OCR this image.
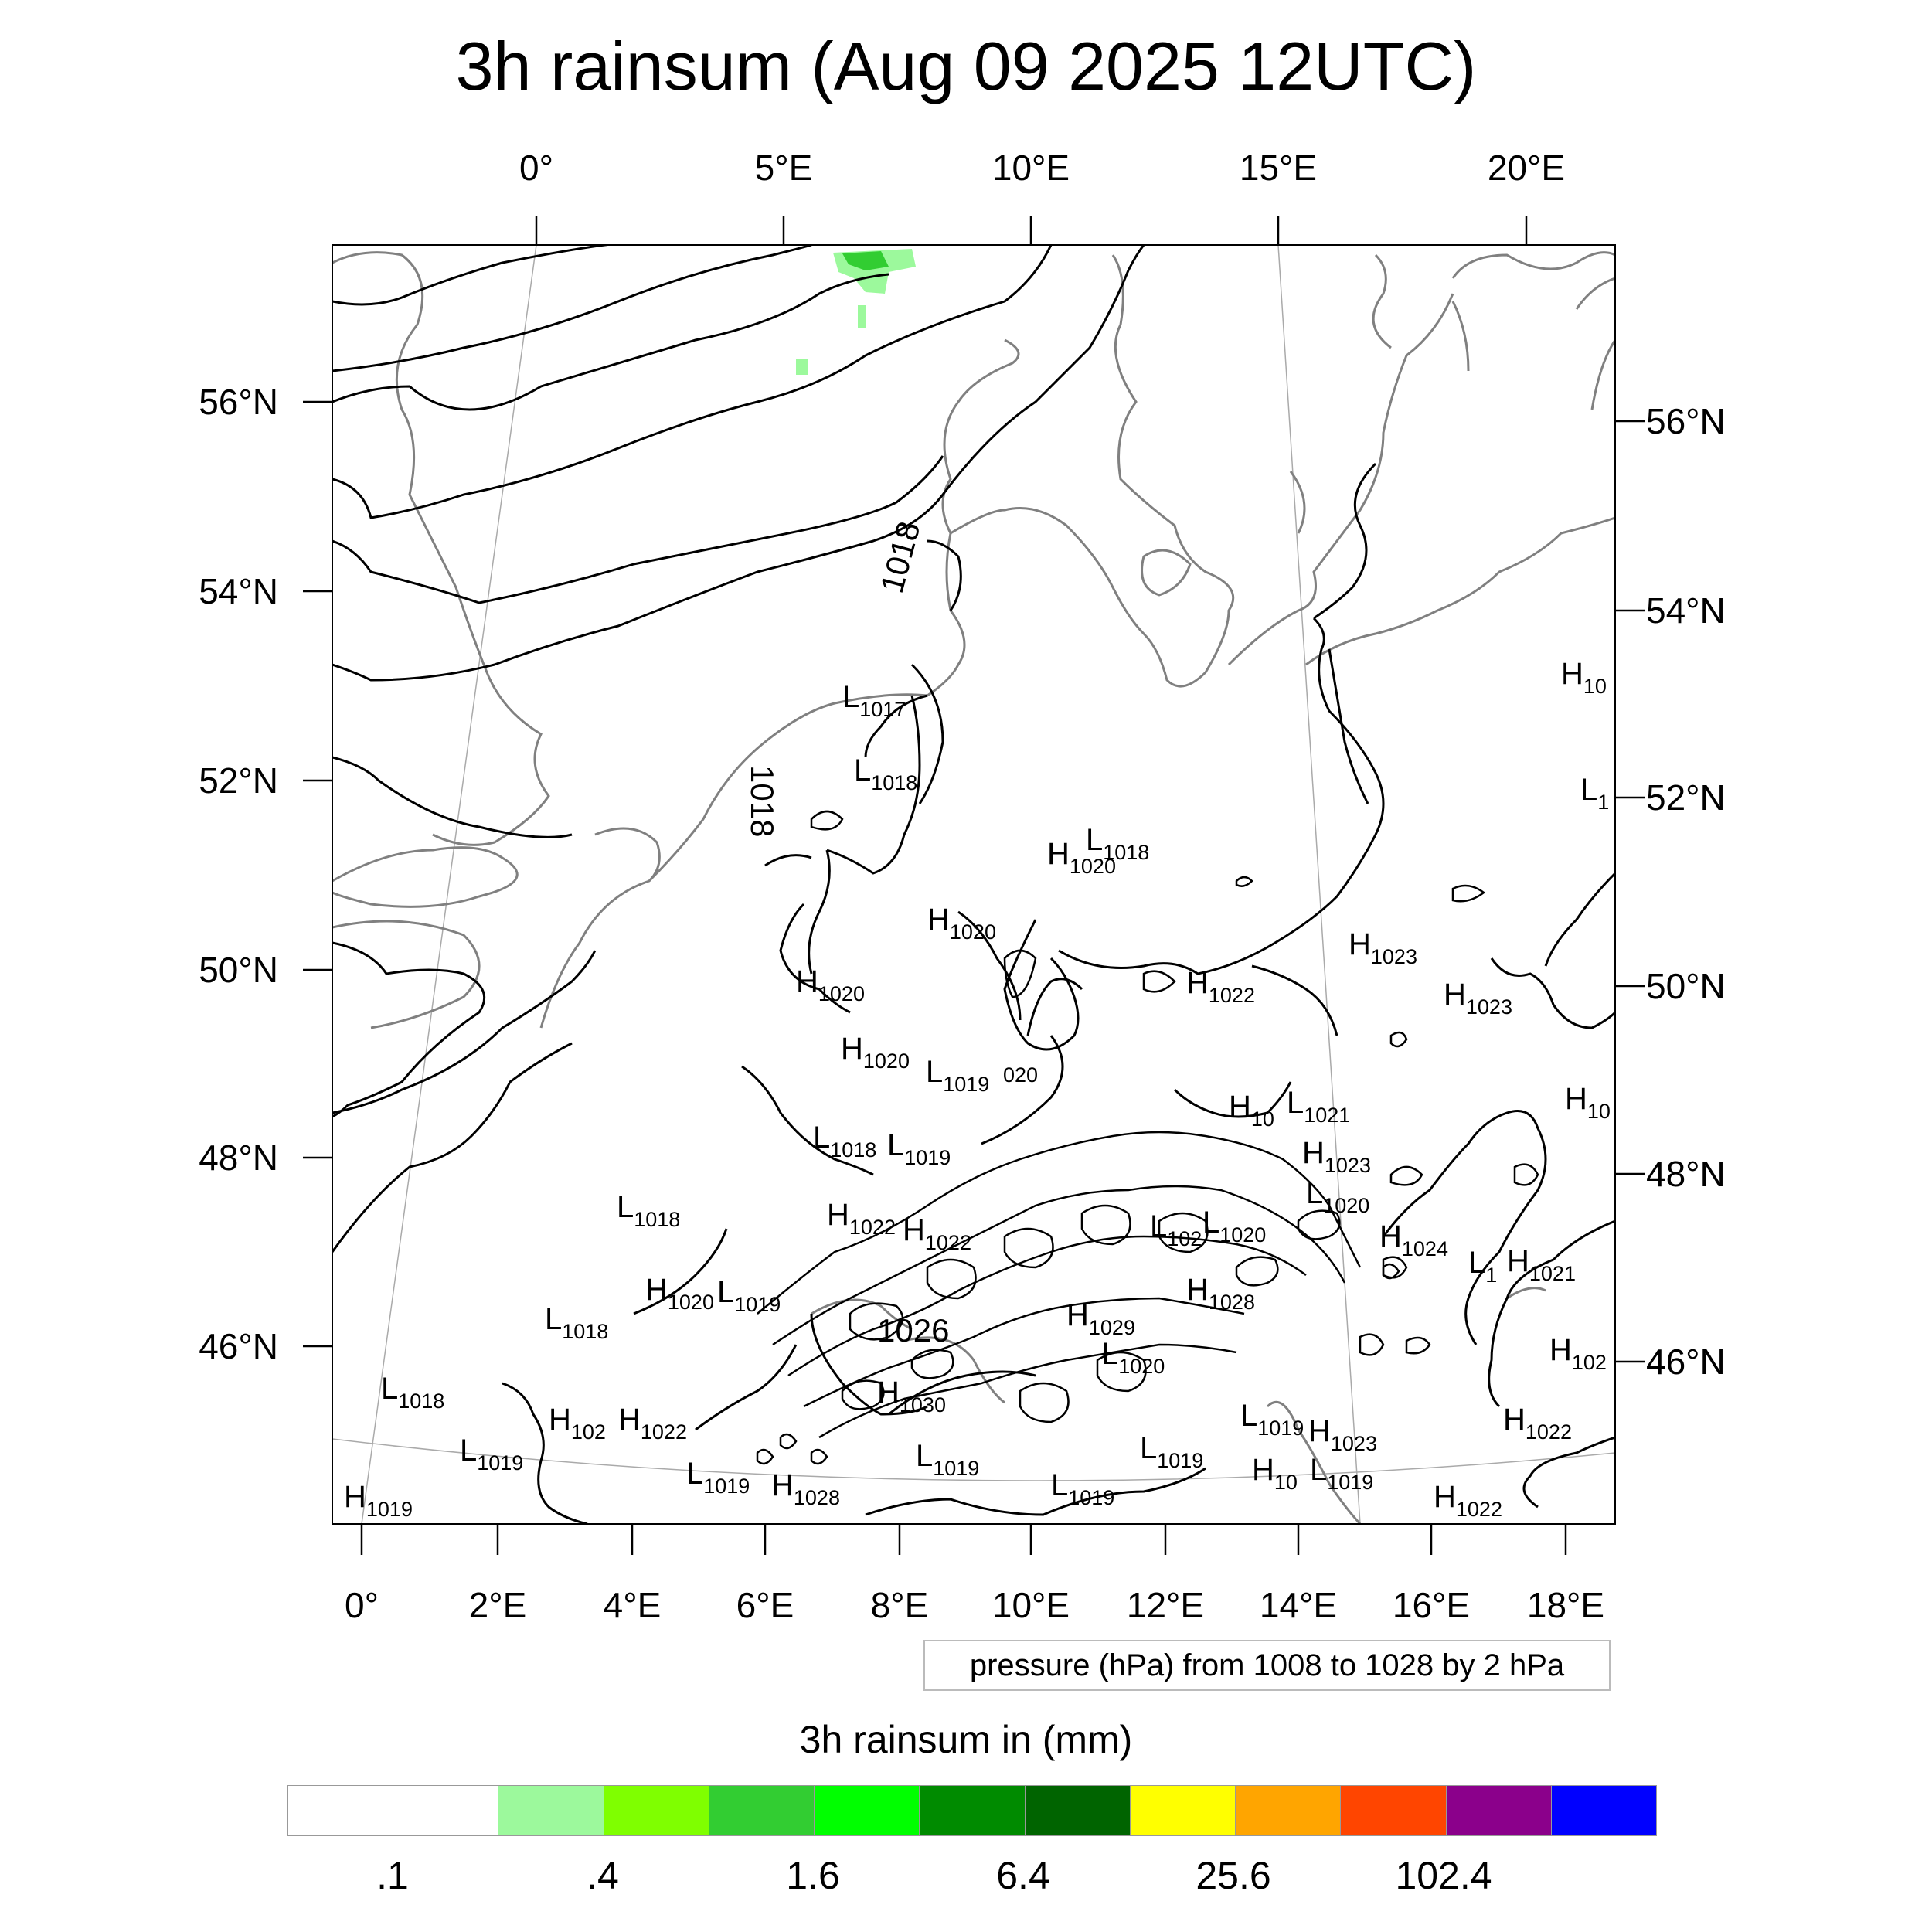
3h rainsum (Aug 09 2025 12UTC)
0°	5°E	10°E	15°E	20°E
0°	2°E 4°E 6°E 8°E 10°E 12°E 14°E 16°E 18°E
56°N
54°N
52°N
50°N
48°N
46°N
56°N
54°N
52°N
50°N
48°N
46°N
L1017
L1018
H1020
L1018
H1020
H1020
H1023
H1022	H1023
H1020 L1019 020
H10 L1021
H1023
L1018 L1019
L1020
L1018	H1022 H1022	L102 L1020	H1024 L1 H1021
H1020 L1019	H1028
L1018	H1029
L1020	H102
L1018	H1030
H102 H1022
L1019
H1022
L1019 H1023
L1019
L1019	L1019
H10
L1019 H1028	L1019
H1019	H1022
H10
L1
H10
1018
1018
1026
pressure (hPa) from 1008 to 1028 by 2 hPa
3h rainsum in (mm)
.1	.4	1.6	6.4	25.6	102.4
